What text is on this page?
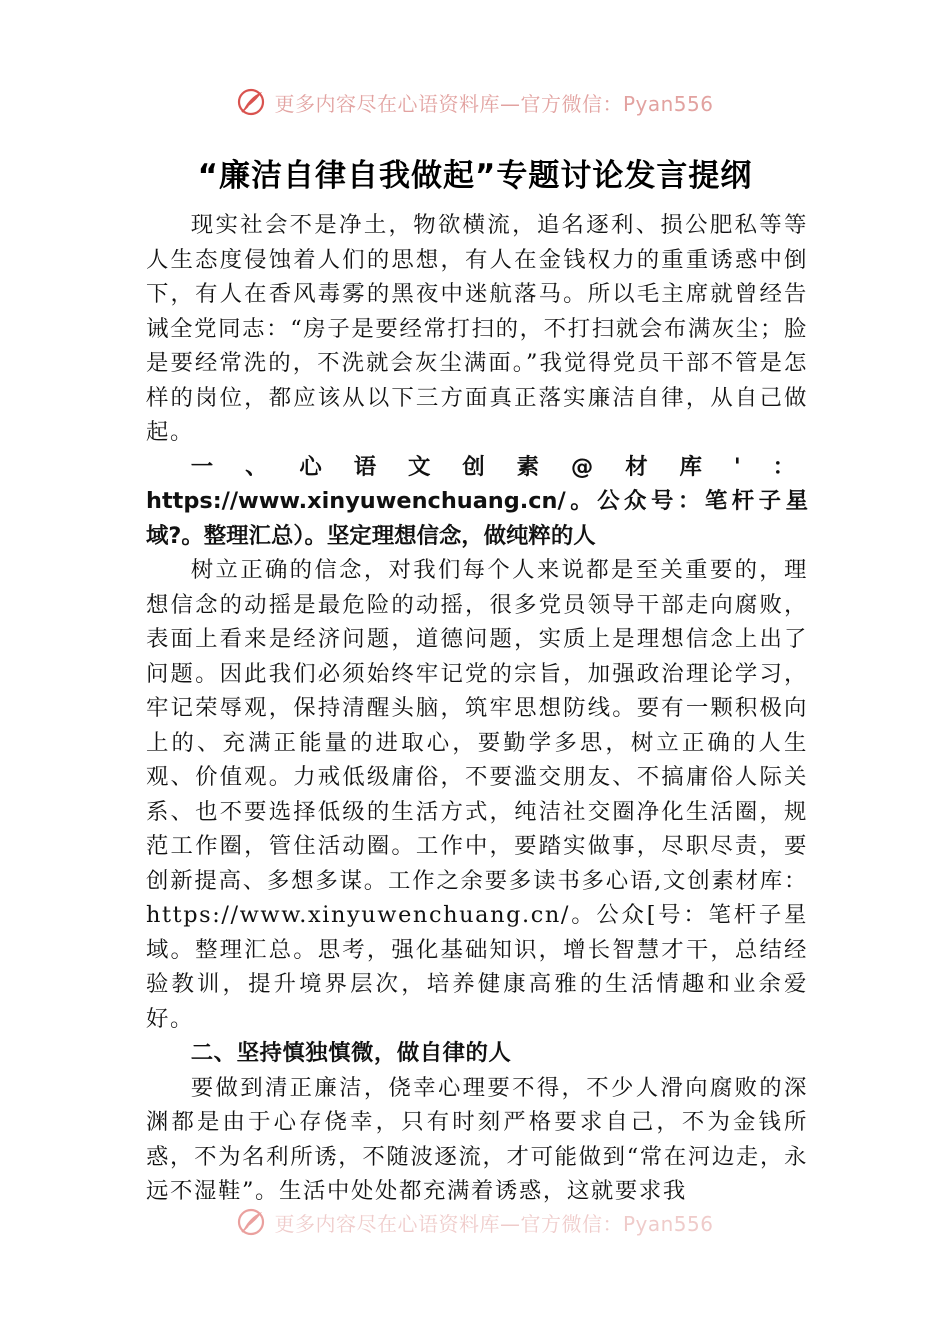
更多内容尽在心语资料库—官方微信：Pyan556
“廉洁自律自我做起”专题讨论发言提纲

现实社会不是净土，物欲横流，追名逐利、损公肥私等等人生态度侵蚀着人们的思想，有人在金钱权力的重重诱惑中倒下，有人在香风毒雾的黑夜中迷航落马。所以毛主席就曾经告诫全党同志：“房子是要经常打扫的，不打扫就会布满灰尘；脸是要经常洗的，不洗就会灰尘满面。”我觉得党员干部不管是怎样的岗位，都应该从以下三方面真正落实廉洁自律，从自己做起。

一、心语文创素@材库'：https://www.xinyuwenchuang.cn/。公众号：笔杆子星域?。整理汇总）。坚定理想信念，做纯粹的人

树立正确的信念，对我们每个人来说都是至关重要的，理想信念的动摇是最危险的动摇，很多党员领导干部走向腐败，表面上看来是经济问题，道德问题，实质上是理想信念上出了问题。因此我们必须始终牢记党的宗旨，加强政治理论学习，牢记荣辱观，保持清醒头脑，筑牢思想防线。要有一颗积极向上的、充满正能量的进取心，要勤学多思，树立正确的人生观、价值观。力戒低级庸俗，不要滥交朋友、不搞庸俗人际关系、也不要选择低级的生活方式，纯洁社交圈净化生活圈，规范工作圈，管住活动圈。工作中，要踏实做事，尽职尽责，要创新提高、多想多谋。工作之余要多读书多心语,文创素材库：https://www.xinyuwenchuang.cn/。公众[号：笔杆子星域。整理汇总。思考，强化基础知识，增长智慧才干，总结经验教训，提升境界层次，培养健康高雅的生活情趣和业余爱好。

二、坚持慎独慎微，做自律的人

要做到清正廉洁，侥幸心理要不得，不少人滑向腐败的深渊都是由于心存侥幸，只有时刻严格要求自己，不为金钱所惑，不为名利所诱，不随波逐流，才可能做到“常在河边走，永远不湿鞋”。生活中处处都充满着诱惑，这就要求我

更多内容尽在心语资料库—官方微信：Pyan556
